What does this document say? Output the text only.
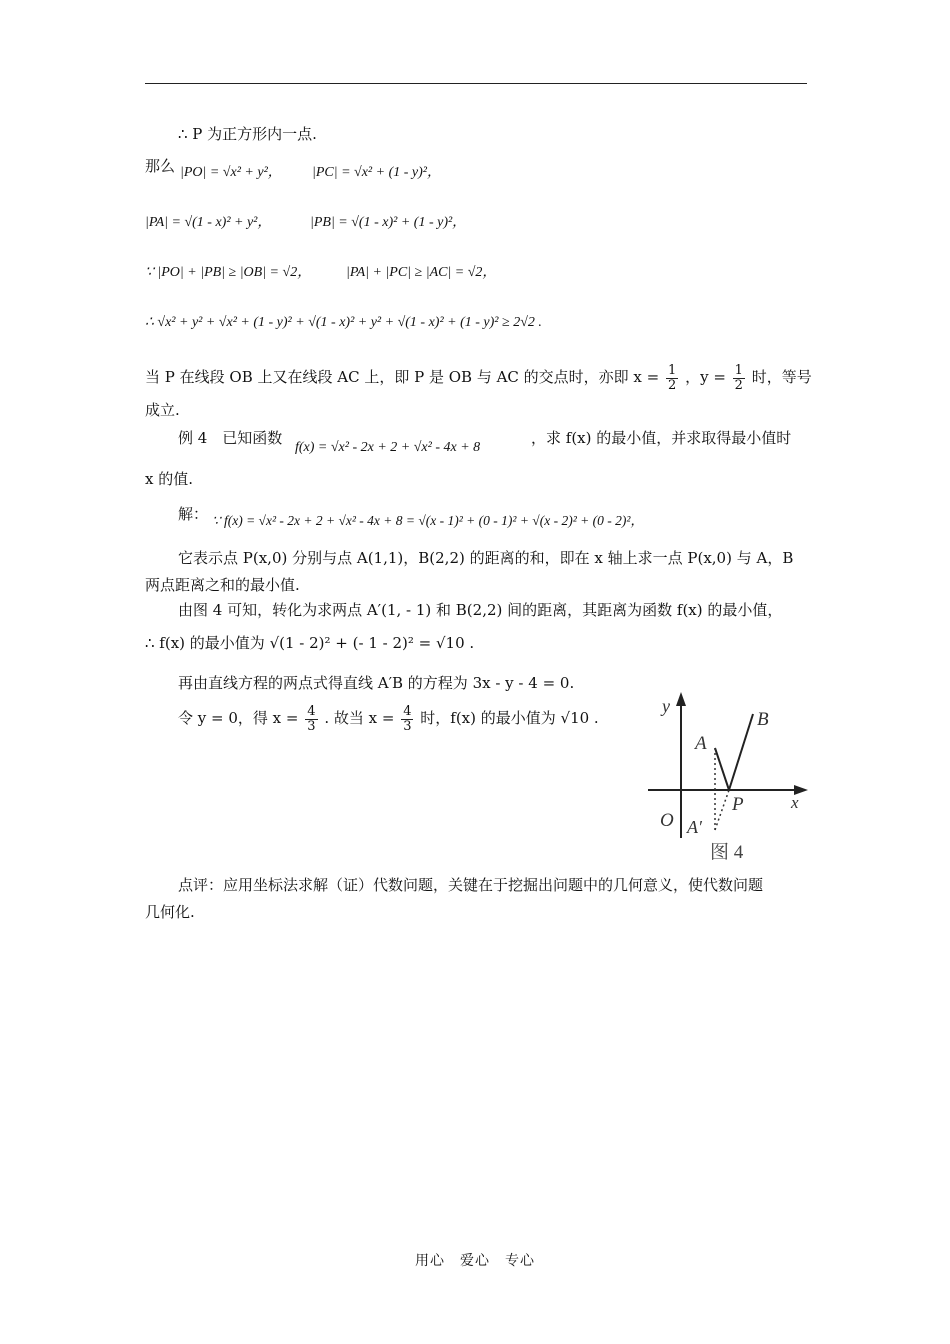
∴ P 为正方形内一点.
那么 |PO| = √x² + y²， |PC| = √x² + (1 - y)²，
|PA| = √(1 - x)² + y²，	|PB| = √(1 - x)² + (1 - y)²，
∵ |PO| + |PB| ≥ |OB| = √2， |PA| + |PC| ≥ |AC| = √2，
∴ √x² + y² + √x² + (1 - y)² + √(1 - x)² + y² + √(1 - x)² + (1 - y)² ≥ 2√2 .
当 P 在线段 OB 上又在线段 AC 上，即 P 是 OB 与 AC 的交点时，亦即 $x = \frac{1}{2}$ ，$y = \frac{1}{2}$ 时，等号
成立.
例 4　已知函数
f(x) = √x² - 2x + 2 + √x² - 4x + 8
，求 f(x) 的最小值，并求取得最小值时
x 的值.
解： ∵ f(x) = √x² - 2x + 2 + √x² - 4x + 8 = √(x - 1)² + (0 - 1)² + √(x - 2)² + (0 - 2)²，
它表示点 P(x,0) 分别与点 A(1,1)，B(2,2) 的距离的和，即在 x 轴上求一点 P(x,0) 与 A，B
两点距离之和的最小值.
由图 4 可知，转化为求两点 A′(1, - 1) 和 B(2,2) 间的距离，其距离为函数 f(x) 的最小值，
∴ f(x) 的最小值为 √(1 - 2)² + (- 1 - 2)² = √10 .
再由直线方程的两点式得直线 A′B 的方程为 3x - y - 4 = 0.
令 y = 0，得 $x = \frac{4}{3}$ . 故当 $x = \frac{4}{3}$ 时，f(x) 的最小值为 √10 .
y
x
A
B
P
O A′
图 4
点评：应用坐标法求解（证）代数问题，关键在于挖掘出问题中的几何意义，使代数问题
几何化.
用心　爱心　专心
